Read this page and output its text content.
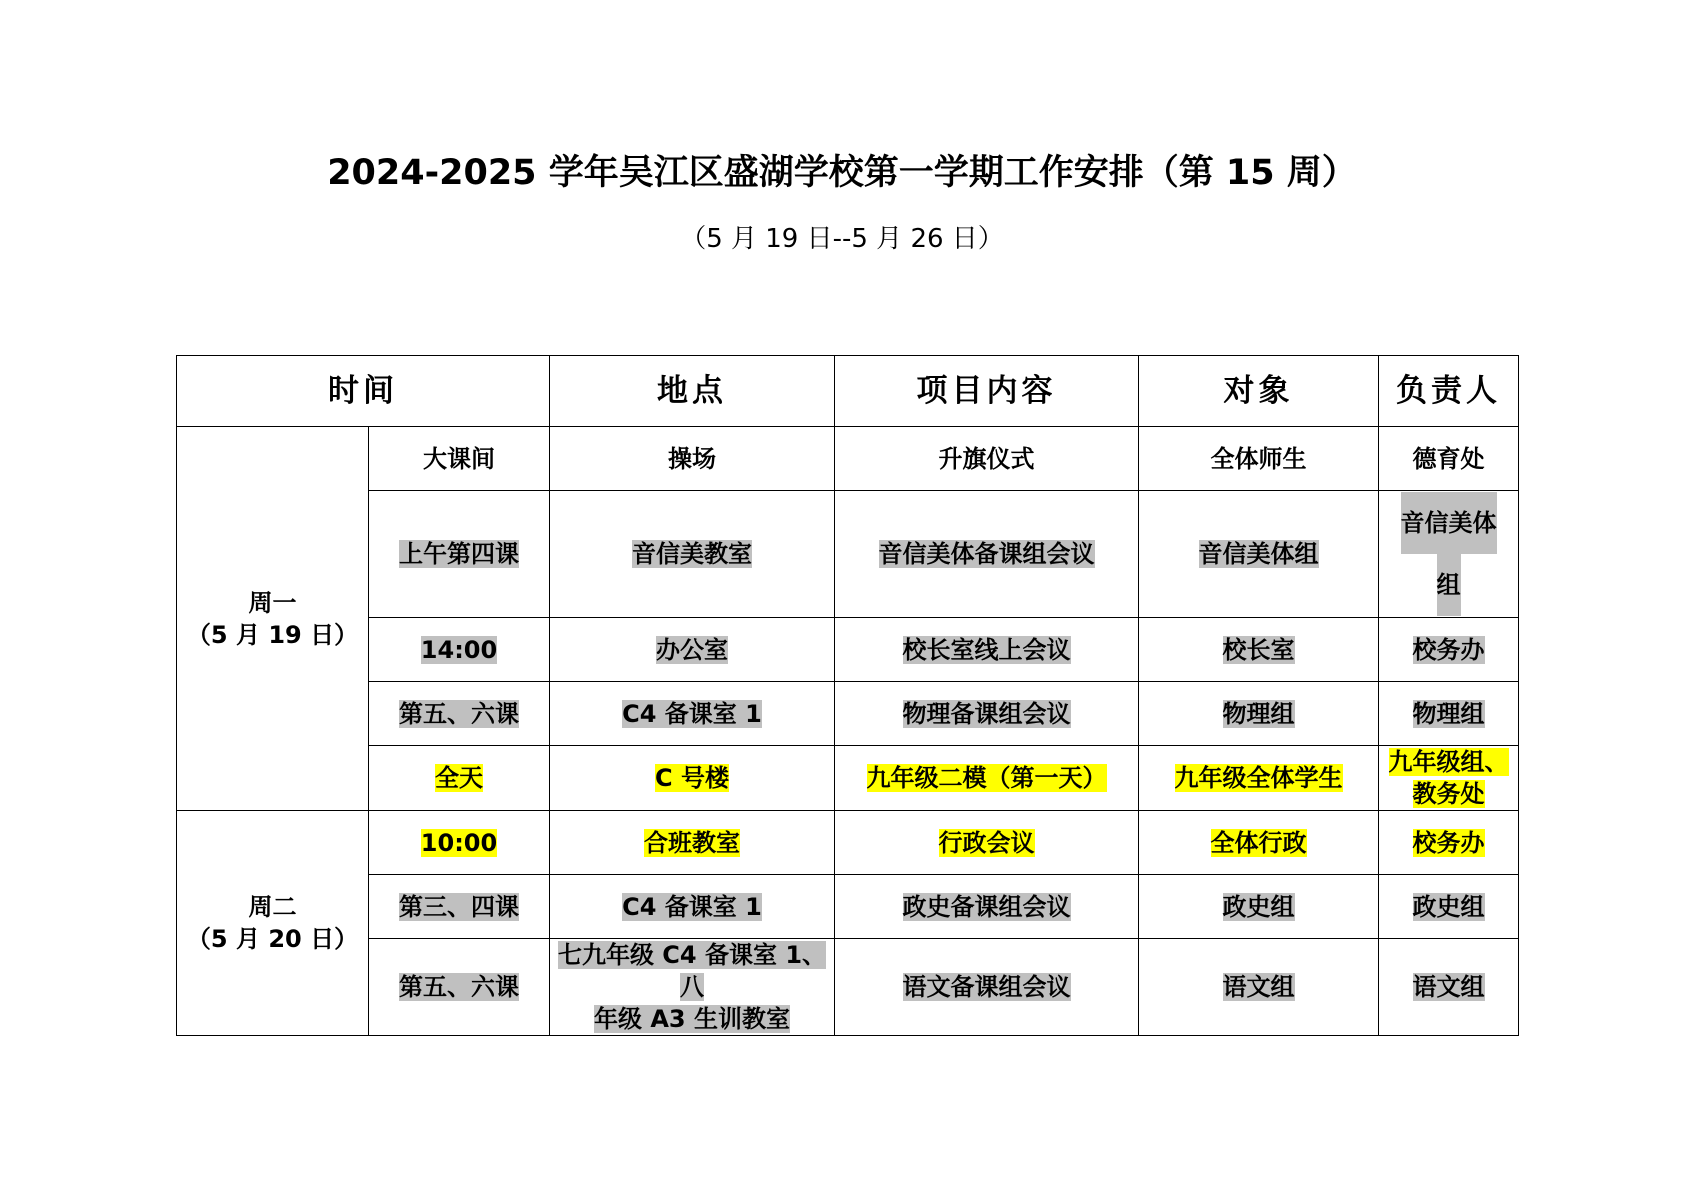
2024-2025 学年吴江区盛湖学校第一学期工作安排（第 15 周）
（5 月 19 日--5 月 26 日）
时间		地点	项目内容	对象	负责人

周一
（5 月 19 日）	大课间	操场	升旗仪式	全体师生	德育处
	上午第四课	音信美教室	音信美体备课组会议	音信美体组	音信美体
组

	14:00	办公室	校长室线上会议	校长室	校务办
	第五、六课	C4 备课室 1	物理备课组会议	物理组	物理组
	全天	C 号楼	九年级二模（第一天）	九年级全体学生	九年级组、
教务处

周二
（5 月 20 日）	10:00	合班教室	行政会议	全体行政	校务办
	第三、四课	C4 备课室 1	政史备课组会议	政史组	政史组
	第五、六课	七九年级 C4 备课室 1、八
年级 A3 生训教室	语文备课组会议	语文组	语文组
